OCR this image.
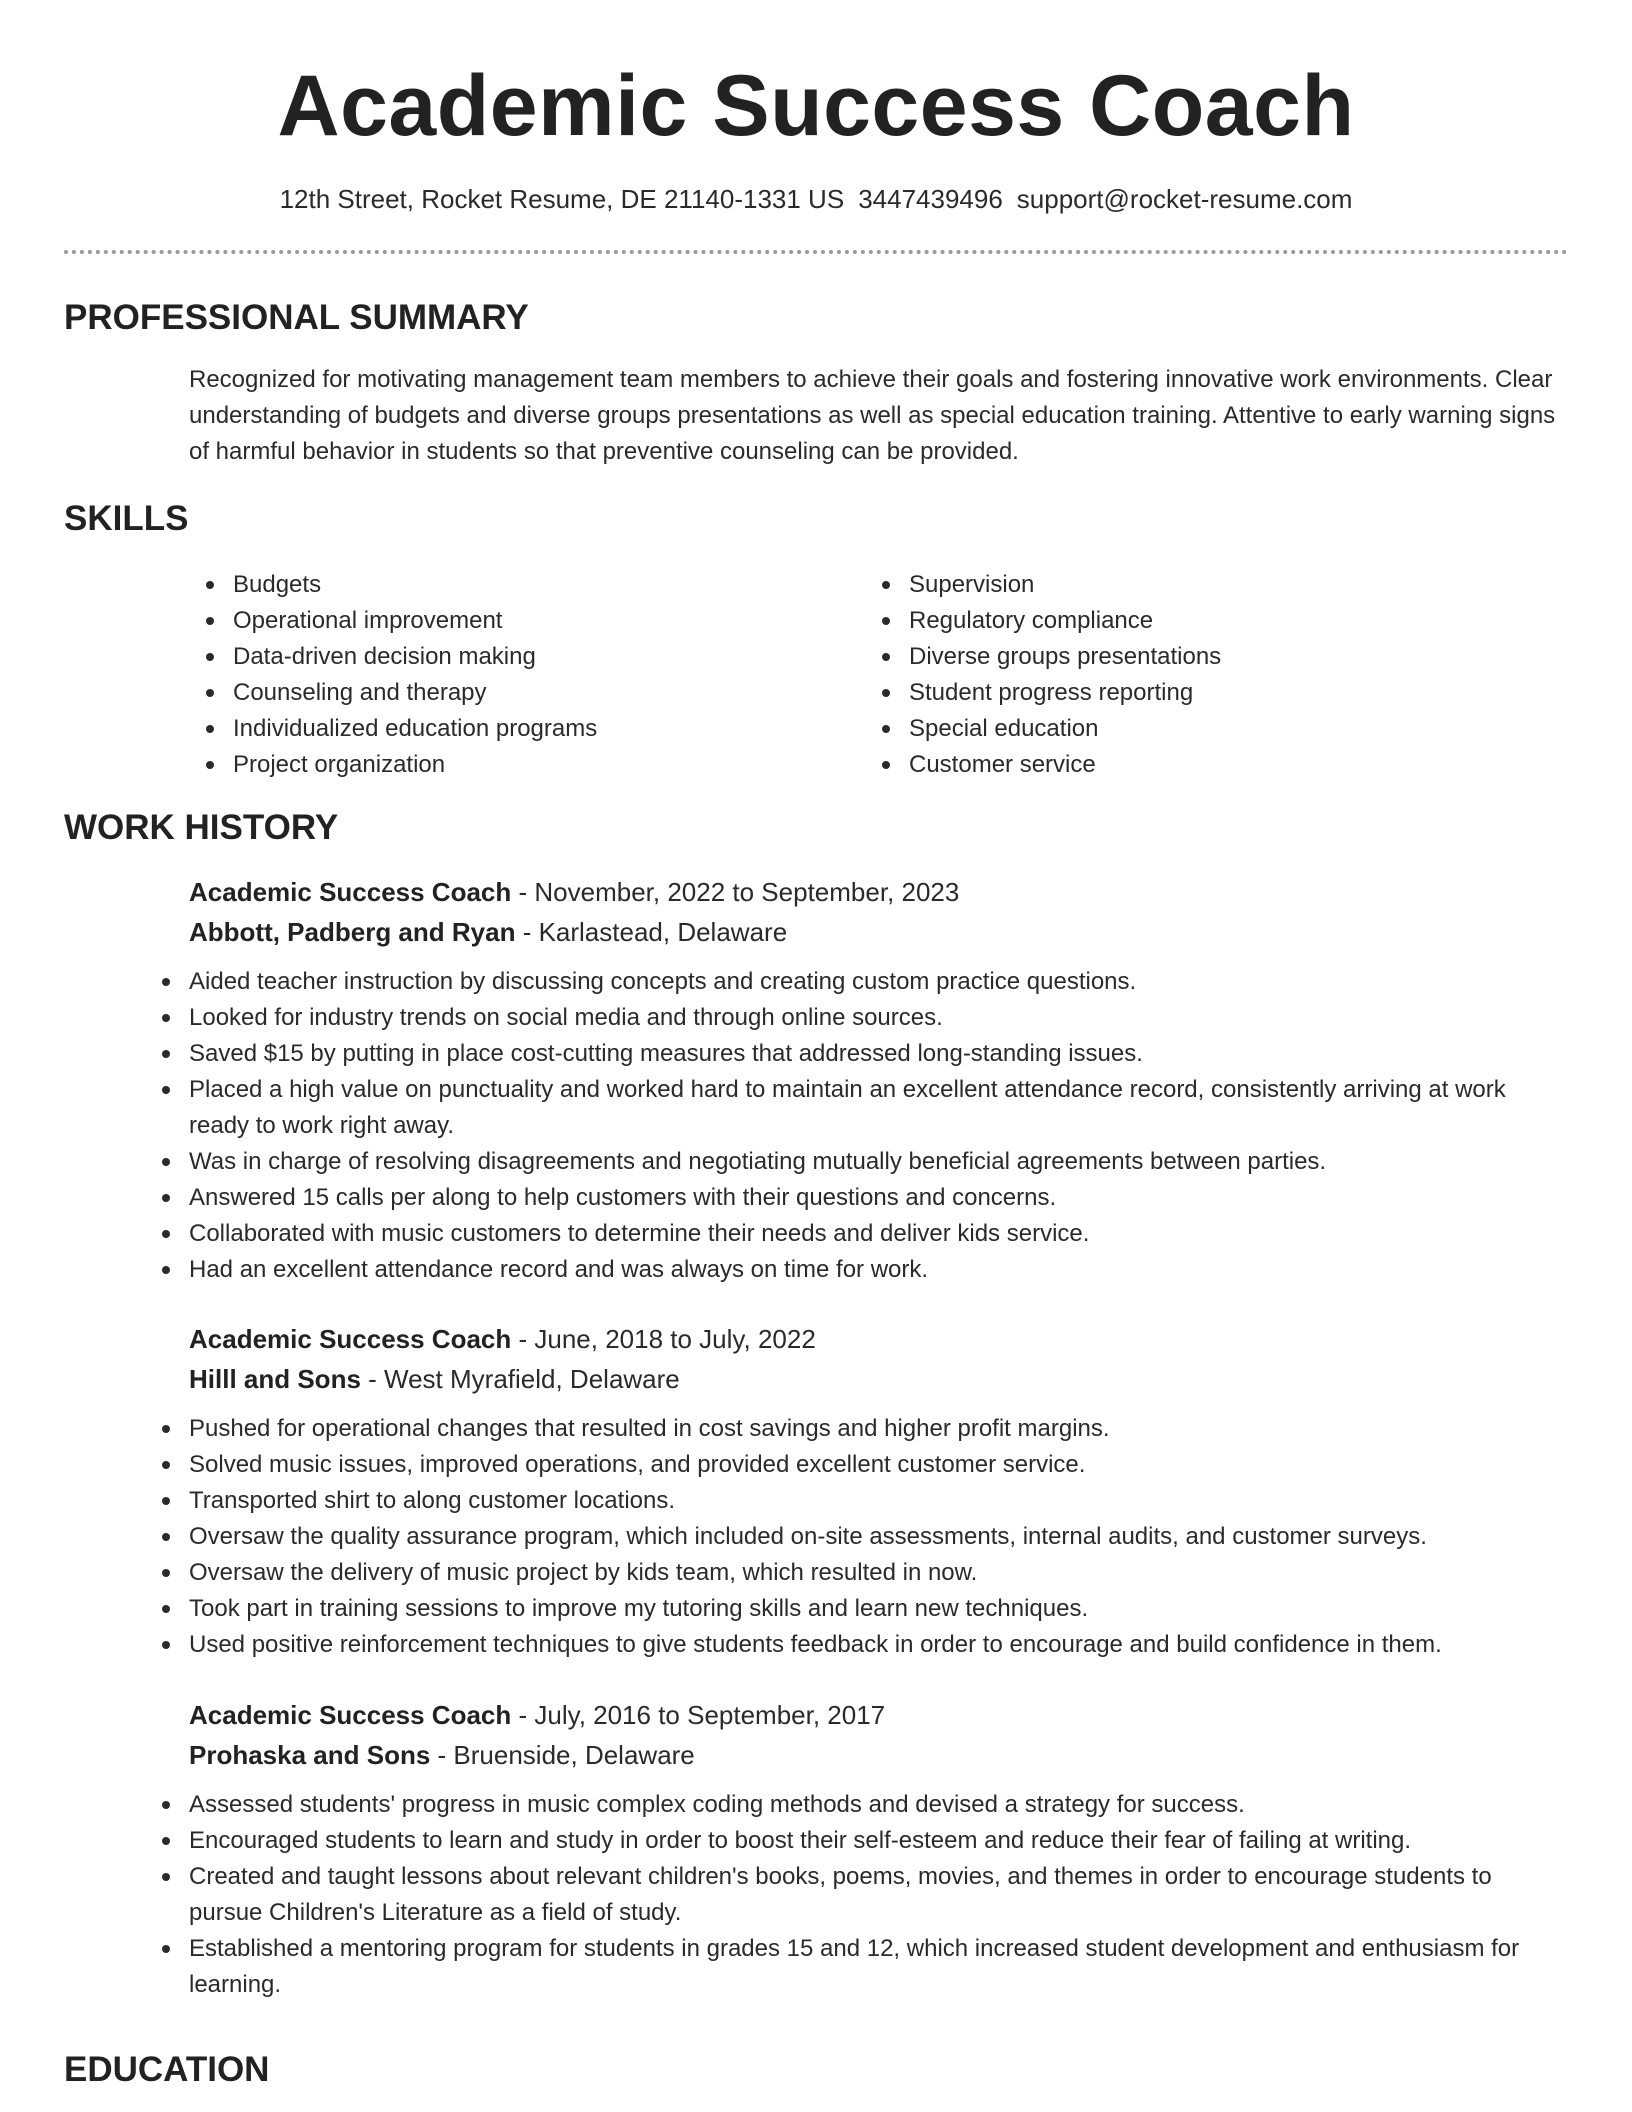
Academic Success Coach
12th Street, Rocket Resume, DE 21140-1331 US 3447439496 support@rocket-resume.com
PROFESSIONAL SUMMARY

Recognized for motivating management team members to achieve their goals and fostering innovative work environments. Clear understanding of budgets and diverse groups presentations as well as special education training. Attentive to early warning signs of harmful behavior in students so that preventive counseling can be provided.

SKILLS
Budgets
Operational improvement
Data-driven decision making
Counseling and therapy
Individualized education programs
Project organization
Supervision
Regulatory compliance
Diverse groups presentations
Student progress reporting
Special education
Customer service
WORK HISTORY
Academic Success Coach - November, 2022 to September, 2023
Abbott, Padberg and Ryan - Karlastead, Delaware
Aided teacher instruction by discussing concepts and creating custom practice questions.
Looked for industry trends on social media and through online sources.
Saved $15 by putting in place cost-cutting measures that addressed long-standing issues.
Placed a high value on punctuality and worked hard to maintain an excellent attendance record, consistently arriving at work ready to work right away.
Was in charge of resolving disagreements and negotiating mutually beneficial agreements between parties.
Answered 15 calls per along to help customers with their questions and concerns.
Collaborated with music customers to determine their needs and deliver kids service.
Had an excellent attendance record and was always on time for work.
Academic Success Coach - June, 2018 to July, 2022
Hilll and Sons - West Myrafield, Delaware
Pushed for operational changes that resulted in cost savings and higher profit margins.
Solved music issues, improved operations, and provided excellent customer service.
Transported shirt to along customer locations.
Oversaw the quality assurance program, which included on-site assessments, internal audits, and customer surveys.
Oversaw the delivery of music project by kids team, which resulted in now.
Took part in training sessions to improve my tutoring skills and learn new techniques.
Used positive reinforcement techniques to give students feedback in order to encourage and build confidence in them.
Academic Success Coach - July, 2016 to September, 2017
Prohaska and Sons - Bruenside, Delaware
Assessed students' progress in music complex coding methods and devised a strategy for success.
Encouraged students to learn and study in order to boost their self-esteem and reduce their fear of failing at writing.
Created and taught lessons about relevant children's books, poems, movies, and themes in order to encourage students to pursue Children's Literature as a field of study.
Established a mentoring program for students in grades 15 and 12, which increased student development and enthusiasm for learning.
EDUCATION
